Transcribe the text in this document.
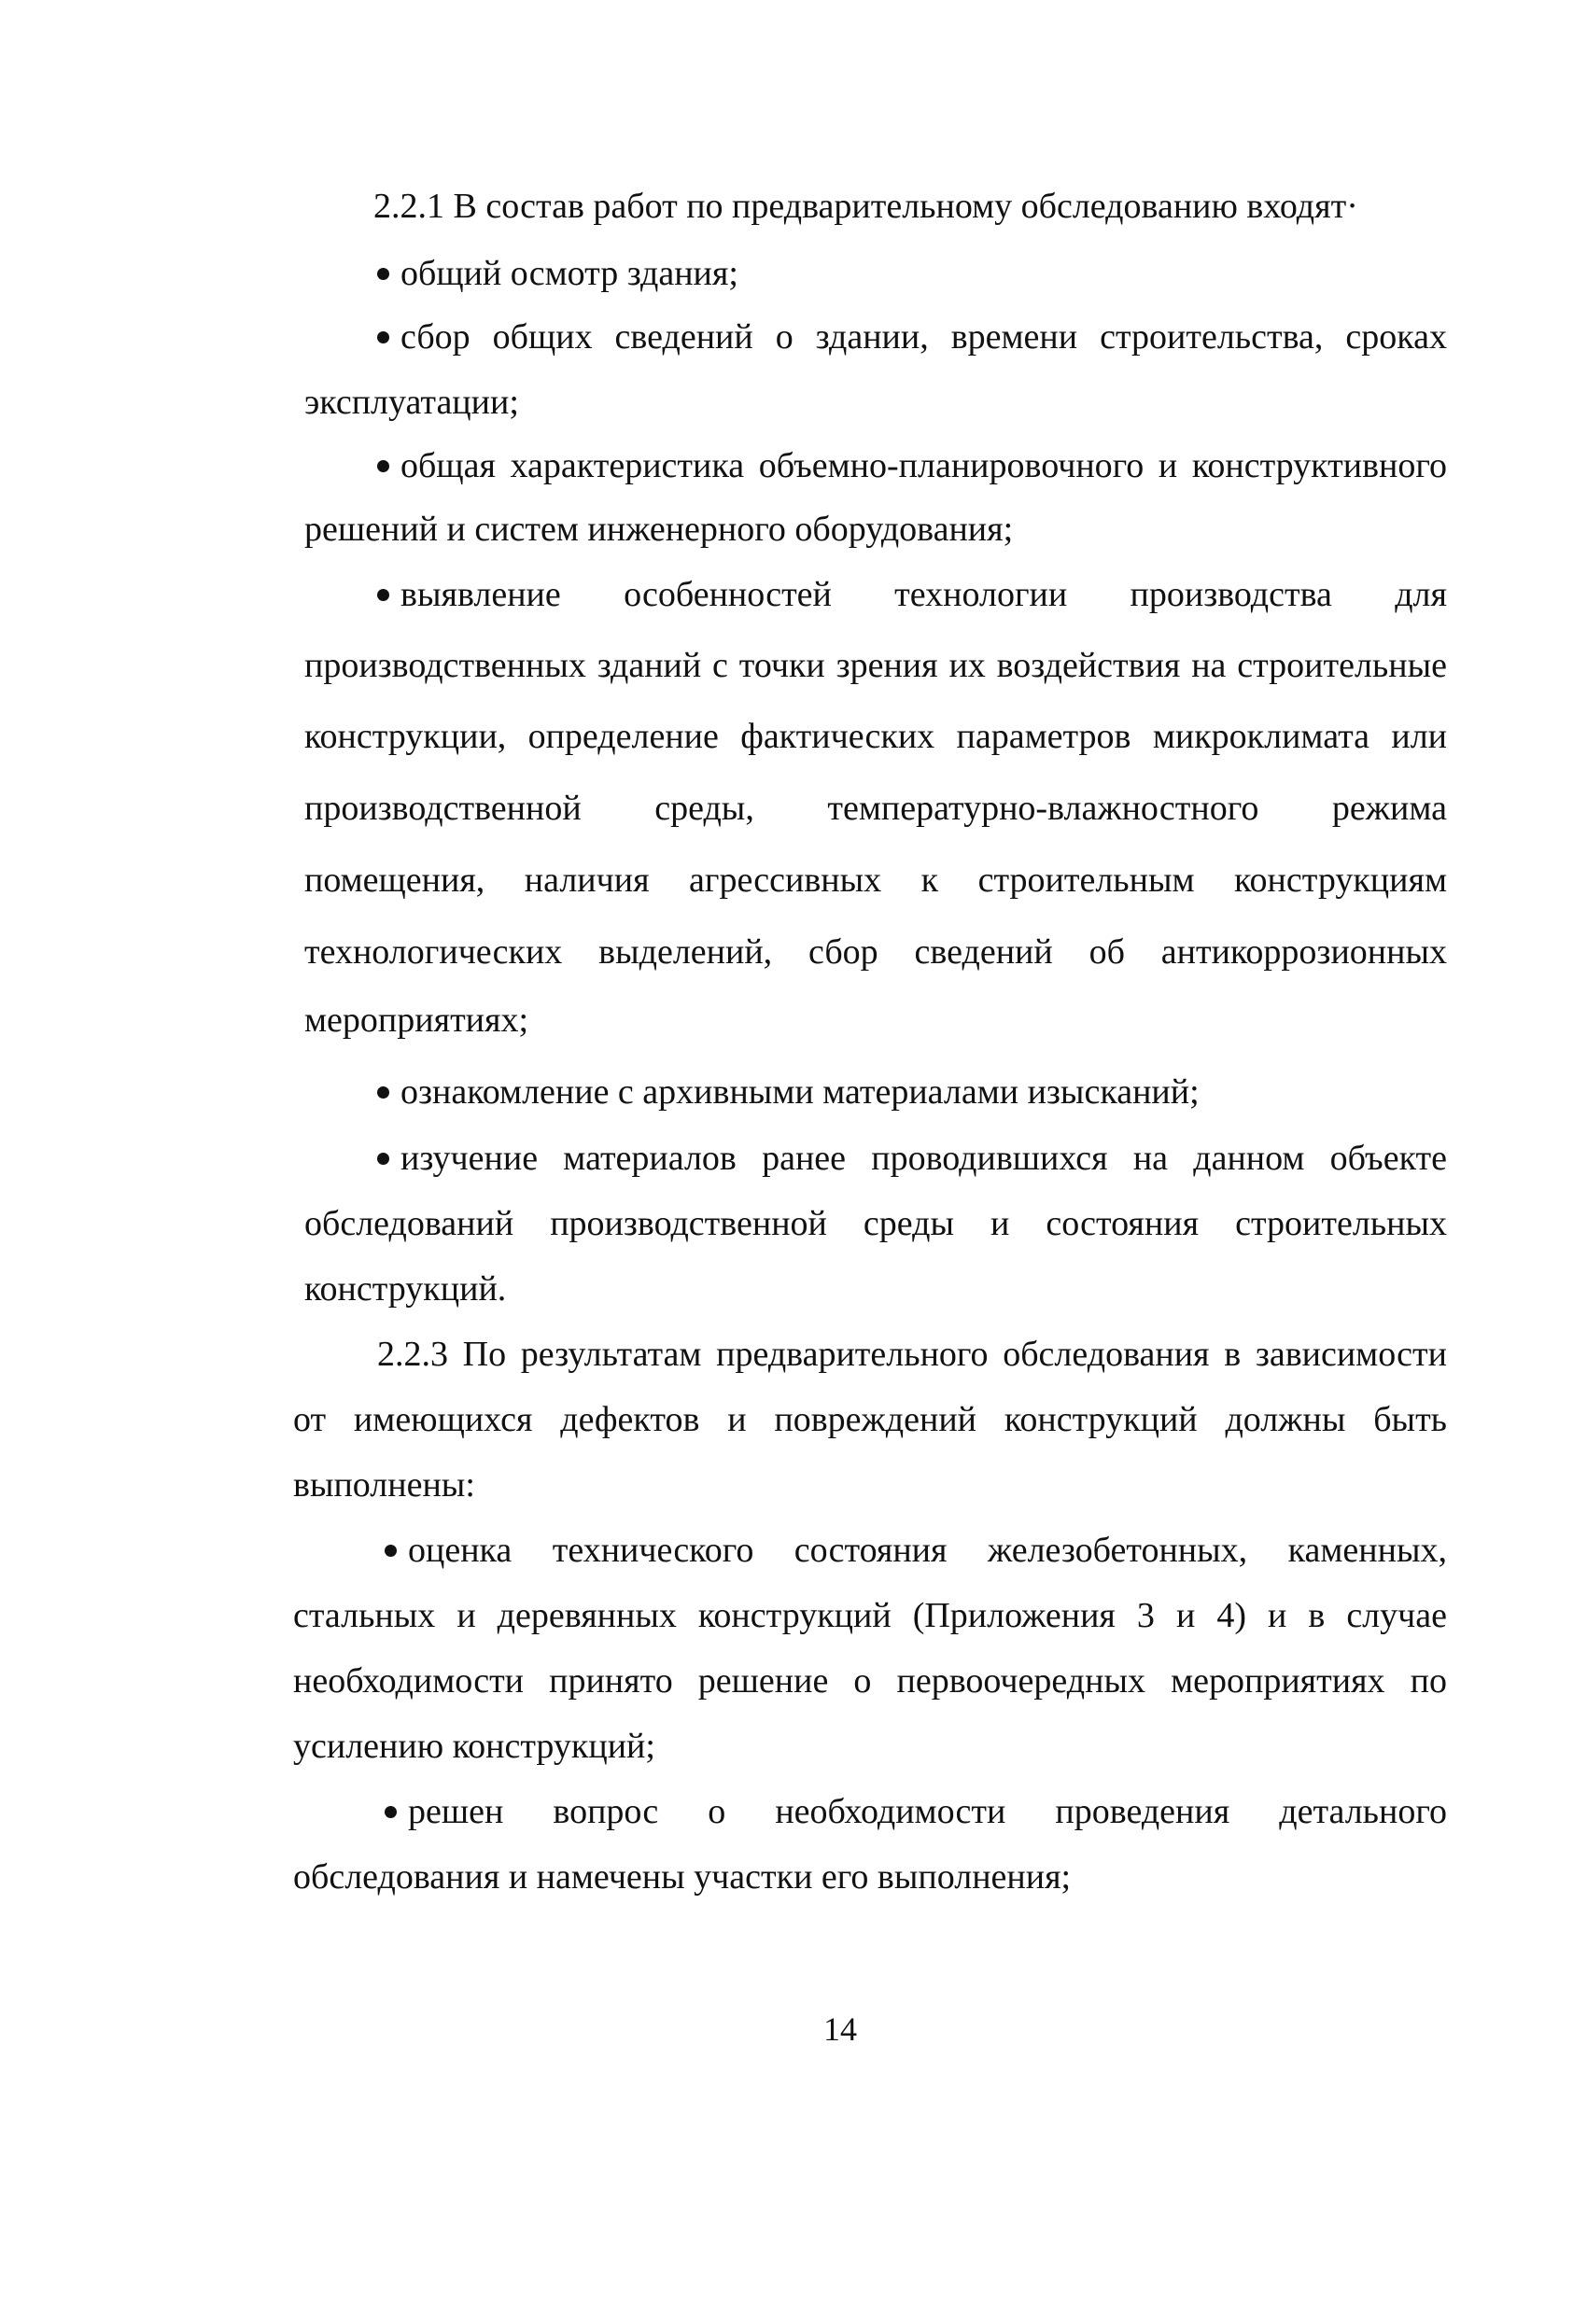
2.2.1 В состав работ по предварительному обследованию входят·
общий осмотр здания;
сбор общих сведений о здании, времени строительства, сроках
эксплуатации;
общая характеристика объемно-планировочного и конструктивного
решений и систем инженерного оборудования;
выявление особенностей технологии производства для
производственных зданий с точки зрения их воздействия на строительные
конструкции, определение фактических параметров микроклимата или
производственной среды, температурно-влажностного режима
помещения, наличия агрессивных к строительным конструкциям
технологических выделений, сбор сведений об антикоррозионных
мероприятиях;
ознакомление с архивными материалами изысканий;
изучение материалов ранее проводившихся на данном объекте
обследований производственной среды и состояния строительных
конструкций.
2.2.3 По результатам предварительного обследования в зависимости
от имеющихся дефектов и повреждений конструкций должны быть
выполнены:
оценка технического состояния железобетонных, каменных,
стальных и деревянных конструкций (Приложения 3 и 4) и в случае
необходимости принято решение о первоочередных мероприятиях по
усилению конструкций;
решен вопрос о необходимости проведения детального
обследования и намечены участки его выполнения;
14
